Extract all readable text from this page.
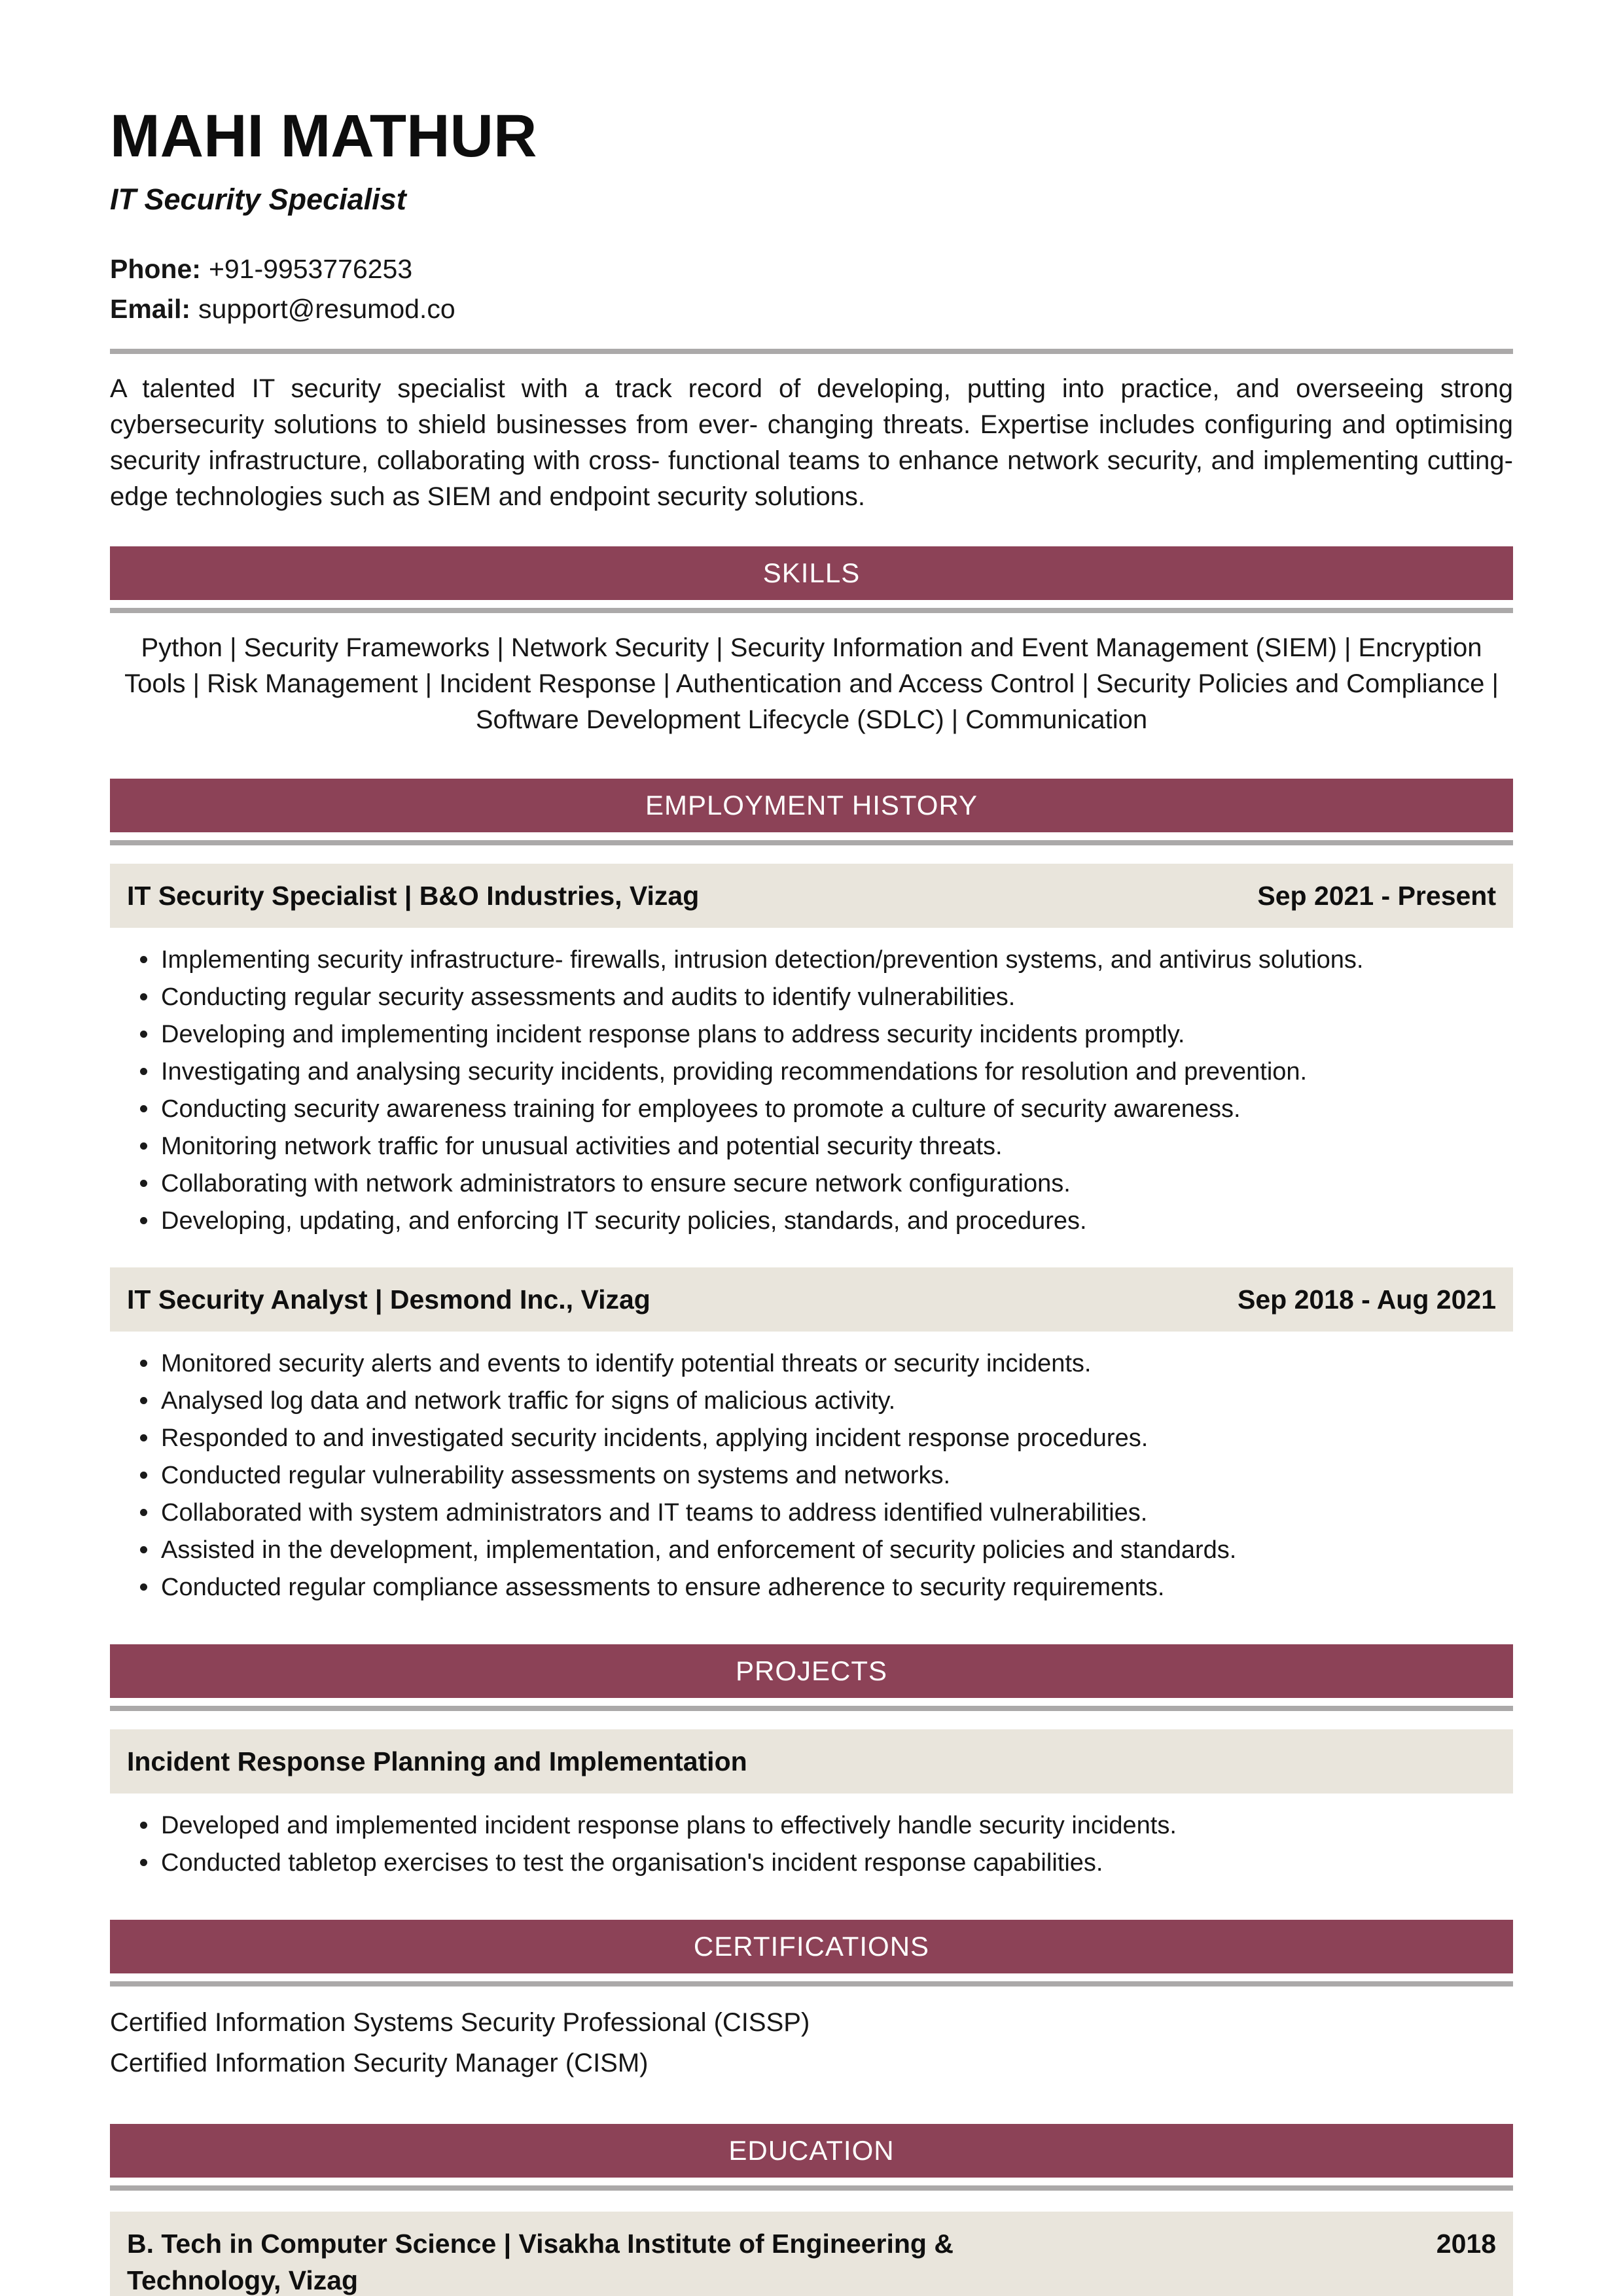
MAHI MATHUR
IT Security Specialist
Phone: +91-9953776253
Email: support@resumod.co

A talented IT security specialist with a track record of developing, putting into practice, and overseeing strong cybersecurity solutions to shield businesses from ever- changing threats. Expertise includes configuring and optimising security infrastructure, collaborating with cross- functional teams to enhance network security, and implementing cutting-edge technologies such as SIEM and endpoint security solutions.

SKILLS

Python | Security Frameworks | Network Security | Security Information and Event Management (SIEM) | Encryption Tools | Risk Management | Incident Response | Authentication and Access Control | Security Policies and Compliance | Software Development Lifecycle (SDLC) | Communication

EMPLOYMENT HISTORY
IT Security Specialist | B&O Industries, Vizag	Sep 2021 - Present
Implementing security infrastructure- firewalls, intrusion detection/prevention systems, and antivirus solutions.
Conducting regular security assessments and audits to identify vulnerabilities.
Developing and implementing incident response plans to address security incidents promptly.
Investigating and analysing security incidents, providing recommendations for resolution and prevention.
Conducting security awareness training for employees to promote a culture of security awareness.
Monitoring network traffic for unusual activities and potential security threats.
Collaborating with network administrators to ensure secure network configurations.
Developing, updating, and enforcing IT security policies, standards, and procedures.
IT Security Analyst | Desmond Inc., Vizag	Sep 2018 - Aug 2021
Monitored security alerts and events to identify potential threats or security incidents.
Analysed log data and network traffic for signs of malicious activity.
Responded to and investigated security incidents, applying incident response procedures.
Conducted regular vulnerability assessments on systems and networks.
Collaborated with system administrators and IT teams to address identified vulnerabilities.
Assisted in the development, implementation, and enforcement of security policies and standards.
Conducted regular compliance assessments to ensure adherence to security requirements.
PROJECTS
Incident Response Planning and Implementation
Developed and implemented incident response plans to effectively handle security incidents.
Conducted tabletop exercises to test the organisation's incident response capabilities.
CERTIFICATIONS
Certified Information Systems Security Professional (CISSP)
Certified Information Security Manager (CISM)
EDUCATION
B. Tech in Computer Science | Visakha Institute of Engineering & Technology, Vizag
2018
